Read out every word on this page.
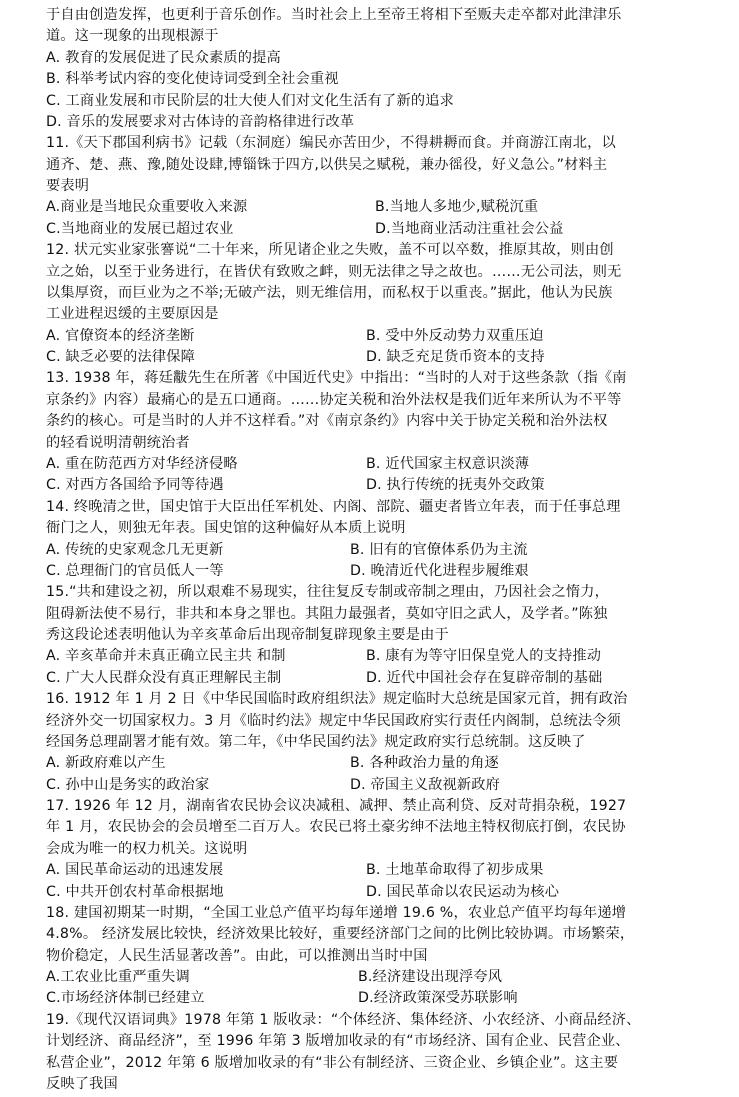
于自由创造发挥，也更利于音乐创作。当时社会上上至帝王将相下至贩夫走卒都对此津津乐
道。这一现象的出现根源于
A. 教育的发展促进了民众素质的提高
B. 科举考试内容的变化使诗词受到全社会重视
C. 工商业发展和市民阶层的壮大使人们对文化生活有了新的追求
D. 音乐的发展要求对古体诗的音韵格律进行改革
11.《天下郡国利病书》记载（东洞庭）编民亦苦田少，不得耕耨而食。并商游江南北，以
通齐、楚、燕、豫,随处设肆,博锱铢于四方,以供吴之赋税，兼办徭役，好义急公。”材料主
要表明
A.商业是当地民众重要收入来源	B.当地人多地少,赋税沉重
C.当地商业的发展已超过农业	D.当地商业活动注重社会公益
12. 状元实业家张謇说“二十年来，所见诸企业之失败，盖不可以卒数，推原其故，则由创
立之始，以至于业务进行，在皆伏有致败之衅，则无法律之导之故也。……无公司法，则无
以集厚资，而巨业为之不举;无破产法，则无维信用，而私权于以重丧。”据此，他认为民族
工业进程迟缓的主要原因是
A. 官僚资本的经济垄断	B. 受中外反动势力双重压迫
C. 缺乏必要的法律保障	D. 缺乏充足货币资本的支持
13. 1938 年，蒋廷黻先生在所著《中国近代史》中指出：“当时的人对于这些条款（指《南
京条约》内容）最痛心的是五口通商。……协定关税和治外法权是我们近年来所认为不平等
条约的核心。可是当时的人并不这样看。”对《南京条约》内容中关于协定关税和治外法权
的轻看说明清朝统治者
A. 重在防范西方对华经济侵略	B. 近代国家主权意识淡薄
C. 对西方各国给予同等待遇	D. 执行传统的抚夷外交政策
14. 终晚清之世，国史馆于大臣出任军机处、内阁、部院、疆吏者皆立年表，而于任事总理
衙门之人，则独无年表。国史馆的这种偏好从本质上说明
A. 传统的史家观念几无更新	B. 旧有的官僚体系仍为主流
C. 总理衙门的官员低人一等	D. 晚清近代化进程步履维艰
15.“共和建设之初，所以艰难不易现实，往往复反专制或帝制之理由，乃因社会之惰力，
阻碍新法使不易行，非共和本身之罪也。其阻力最强者，莫如守旧之武人，及学者。”陈独
秀这段论述表明他认为辛亥革命后出现帝制复辟现象主要是由于
A. 辛亥革命并未真正确立民主共 和制	B. 康有为等守旧保皇党人的支持推动
C. 广大人民群众没有真正理解民主制	D. 近代中国社会存在复辟帝制的基础
16. 1912 年 1 月 2 日《中华民国临时政府组织法》规定临时大总统是国家元首，拥有政治
经济外交一切国家权力。3 月《临时约法》规定中华民国政府实行责任内阁制，总统法令须
经国务总理副署才能有效。第二年，《中华民国约法》规定政府实行总统制。这反映了
A. 新政府难以产生	B. 各种政治力量的角逐
C. 孙中山是务实的政治家	D. 帝国主义敌视新政府
17. 1926 年 12 月，湖南省农民协会议决减租、减押、禁止高利贷、反对苛捐杂税，1927
年 1 月，农民协会的会员增至二百万人。农民已将土豪劣绅不法地主特权彻底打倒，农民协
会成为唯一的权力机关。这说明
A. 国民革命运动的迅速发展	B. 土地革命取得了初步成果
C. 中共开创农村革命根据地	D. 国民革命以农民运动为核心
18. 建国初期某一时期，“全国工业总产值平均每年递增 19.6 %，农业总产值平均每年递增
4.8%。 经济发展比较快，经济效果比较好，重要经济部门之间的比例比较协调。市场繁荣，
物价稳定，人民生活显著改善”。由此，可以推测出当时中国
A.工农业比重严重失调	B.经济建设出现浮夸风
C.市场经济体制已经建立	D.经济政策深受苏联影响
19.《现代汉语词典》1978 年第 1 版收录：“个体经济、集体经济、小农经济、小商品经济、
计划经济、商品经济”，至 1996 年第 3 版增加收录的有“市场经济、国有企业、民营企业、
私营企业”，2012 年第 6 版增加收录的有“非公有制经济、三资企业、乡镇企业”。这主要
反映了我国
